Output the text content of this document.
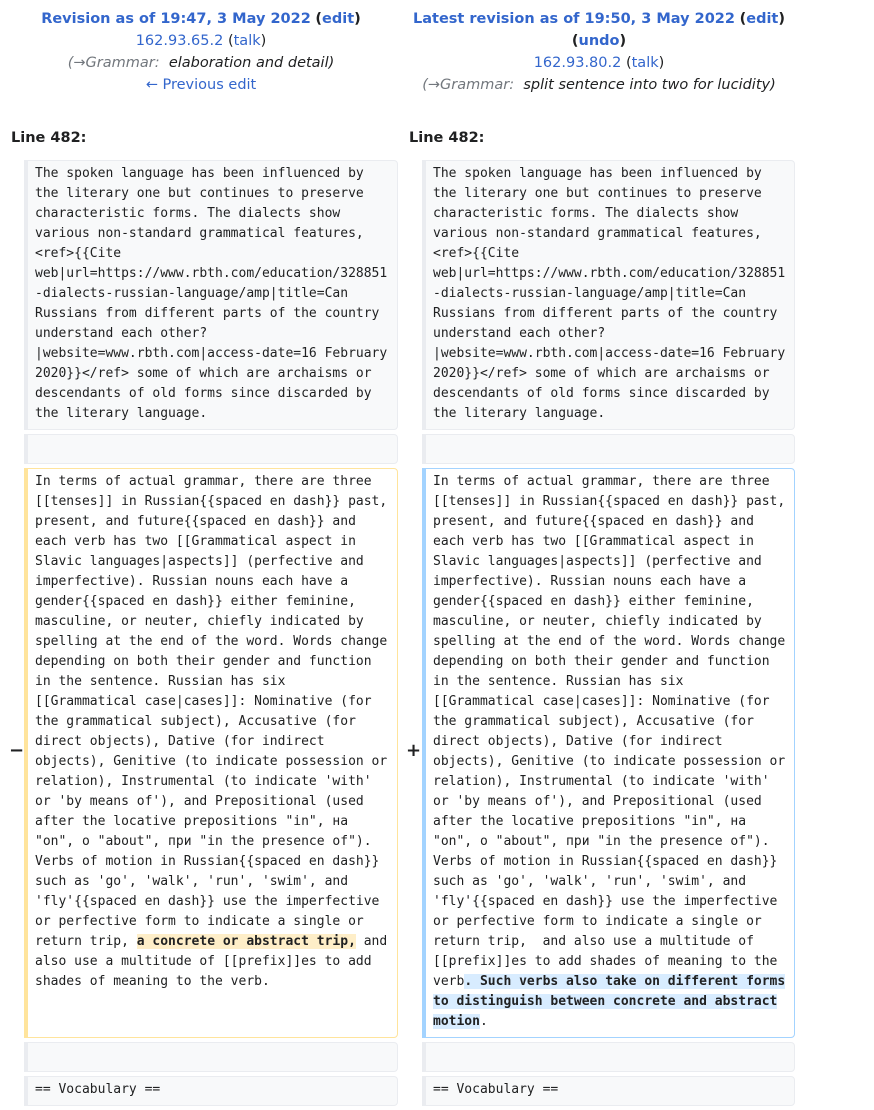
Revision as of 19:47, 3 May 2022 (edit)
162.93.65.2 (talk)
(→Grammar: elaboration and detail)
← Previous edit
Latest revision as of 19:50, 3 May 2022 (edit)
(undo)
162.93.80.2 (talk)
(→Grammar: split sentence into two for lucidity)
Line 482:	Line 482:
The spoken language has been influenced by
the literary one but continues to preserve
characteristic forms. The dialects show
various non-standard grammatical features,
<ref>{{Cite
web|url=https://www.rbth.com/education/328851
-dialects-russian-language/amp|title=Can
Russians from different parts of the country
understand each other?
|website=www.rbth.com|access-date=16 February
2020}}</ref> some of which are archaisms or
descendants of old forms since discarded by
the literary language.
The spoken language has been influenced by
the literary one but continues to preserve
characteristic forms. The dialects show
various non-standard grammatical features,
<ref>{{Cite
web|url=https://www.rbth.com/education/328851
-dialects-russian-language/amp|title=Can
Russians from different parts of the country
understand each other?
|website=www.rbth.com|access-date=16 February
2020}}</ref> some of which are archaisms or
descendants of old forms since discarded by
the literary language.
−	+
In terms of actual grammar, there are three
[[tenses]] in Russian{{spaced en dash}} past,
present, and future{{spaced en dash}} and
each verb has two [[Grammatical aspect in
Slavic languages|aspects]] (perfective and
imperfective). Russian nouns each have a
gender{{spaced en dash}} either feminine,
masculine, or neuter, chiefly indicated by
spelling at the end of the word. Words change
depending on both their gender and function
in the sentence. Russian has six
[[Grammatical case|cases]]: Nominative (for
the grammatical subject), Accusative (for
direct objects), Dative (for indirect
objects), Genitive (to indicate possession or
relation), Instrumental (to indicate 'with'
or 'by means of'), and Prepositional (used
after the locative prepositions "in", на
"on", о "about", при "in the presence of").
Verbs of motion in Russian{{spaced en dash}}
such as 'go', 'walk', 'run', 'swim', and
'fly'{{spaced en dash}} use the imperfective
or perfective form to indicate a single or
return trip, a concrete or abstract trip, and
also use a multitude of [[prefix]]es to add
shades of meaning to the verb.
In terms of actual grammar, there are three
[[tenses]] in Russian{{spaced en dash}} past,
present, and future{{spaced en dash}} and
each verb has two [[Grammatical aspect in
Slavic languages|aspects]] (perfective and
imperfective). Russian nouns each have a
gender{{spaced en dash}} either feminine,
masculine, or neuter, chiefly indicated by
spelling at the end of the word. Words change
depending on both their gender and function
in the sentence. Russian has six
[[Grammatical case|cases]]: Nominative (for
the grammatical subject), Accusative (for
direct objects), Dative (for indirect
objects), Genitive (to indicate possession or
relation), Instrumental (to indicate 'with'
or 'by means of'), and Prepositional (used
after the locative prepositions "in", на
"on", о "about", при "in the presence of").
Verbs of motion in Russian{{spaced en dash}}
such as 'go', 'walk', 'run', 'swim', and
'fly'{{spaced en dash}} use the imperfective
or perfective form to indicate a single or
return trip,  and also use a multitude of
[[prefix]]es to add shades of meaning to the
verb. Such verbs also take on different forms
to distinguish between concrete and abstract
motion.
== Vocabulary ==	== Vocabulary ==
